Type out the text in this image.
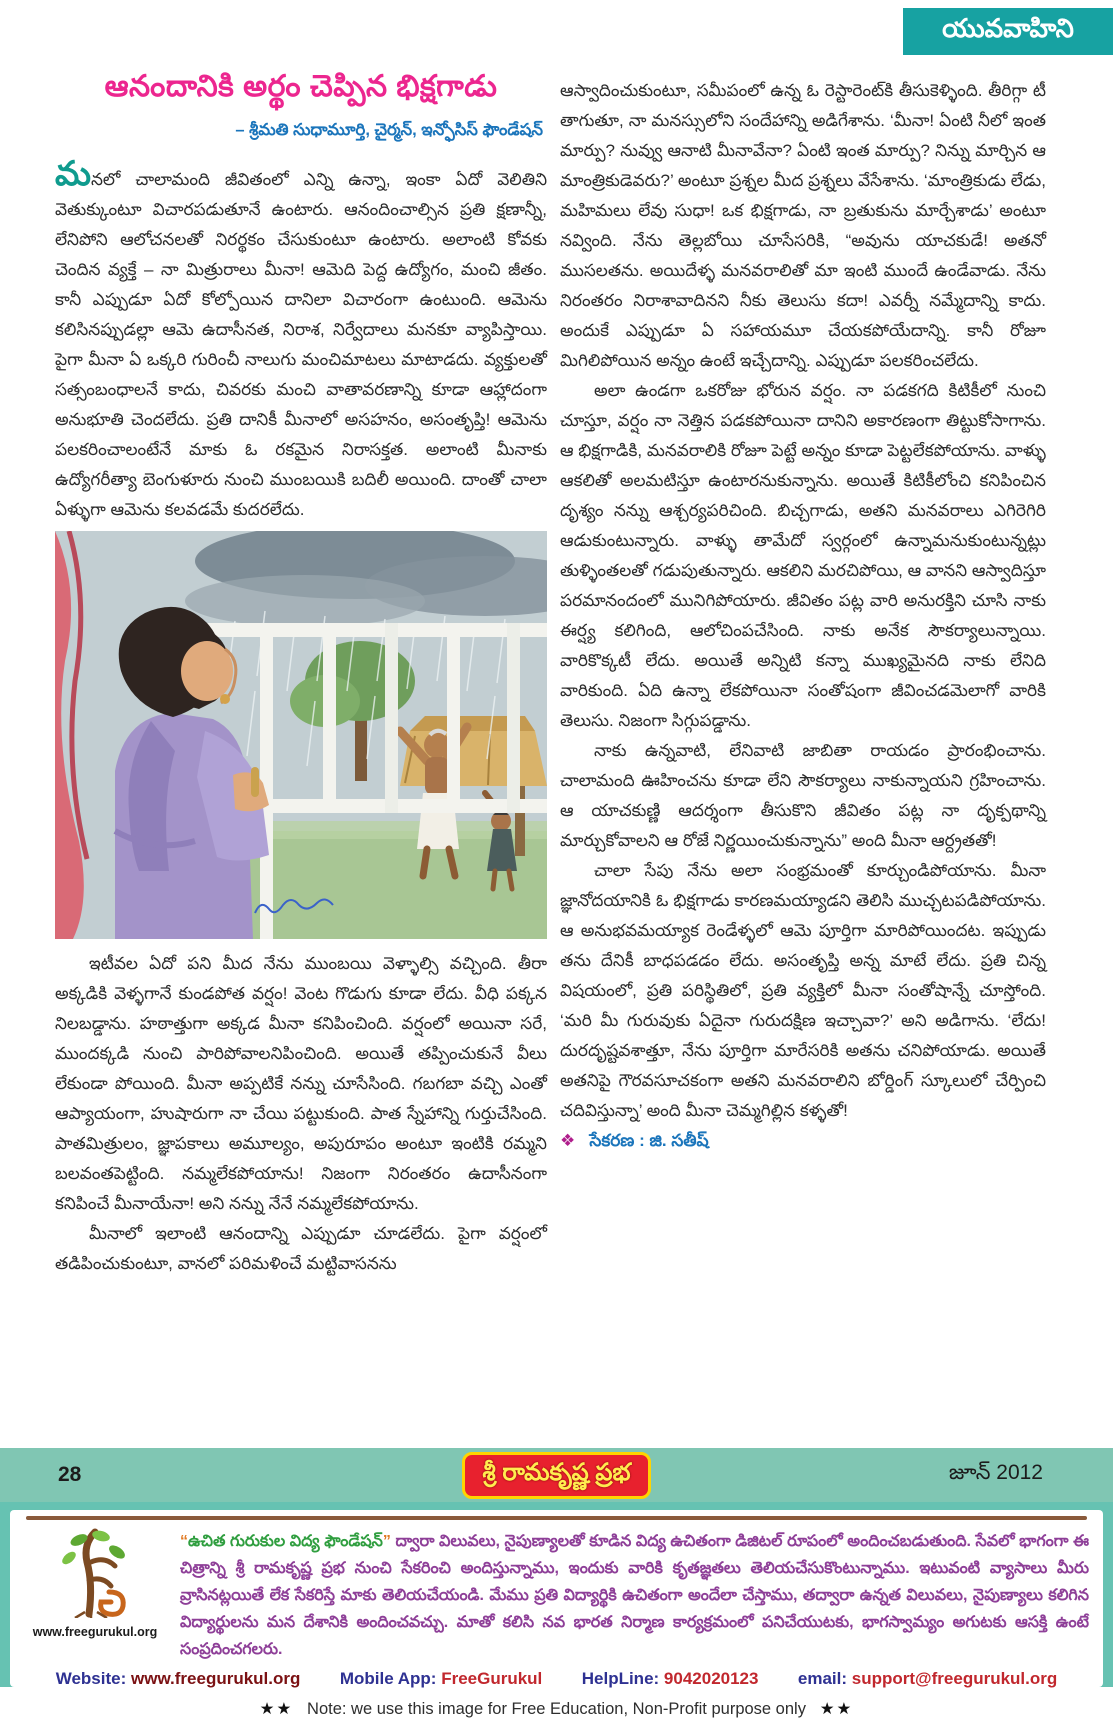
యువవాహిని
ఆనందానికి అర్థం చెప్పిన భిక్షగాడు
– శ్రీమతి సుధామూర్తి, చైర్మన్, ఇన్ఫోసిస్ ఫౌండేషన్

మనలో చాలామంది జీవితంలో ఎన్ని ఉన్నా, ఇంకా ఏదో వెలితిని వెతుక్కుంటూ విచారపడుతూనే ఉంటారు. ఆనందించాల్సిన ప్రతి క్షణాన్నీ, లేనిపోని ఆలోచనలతో నిరర్థకం చేసుకుంటూ ఉంటారు. అలాంటి కోవకు చెందిన వ్యక్తే – నా మిత్రురాలు మీనా! ఆమెది పెద్ద ఉద్యోగం, మంచి జీతం. కానీ ఎప్పుడూ ఏదో కోల్పోయిన దానిలా విచారంగా ఉంటుంది. ఆమెను కలిసినప్పుడల్లా ఆమె ఉదాసీనత, నిరాశ, నిర్వేదాలు మనకూ వ్యాపిస్తాయి. పైగా మీనా ఏ ఒక్కరి గురించీ నాలుగు మంచిమాటలు మాటాడదు. వ్యక్తులతో సత్సంబంధాలనే కాదు, చివరకు మంచి వాతావరణాన్ని కూడా ఆహ్లాదంగా అనుభూతి చెందలేదు. ప్రతి దానికీ మీనాలో అసహనం, అసంతృప్తి! ఆమెను పలకరించాలంటేనే మాకు ఓ రకమైన నిరాసక్తత. అలాంటి మీనాకు ఉద్యోగరీత్యా బెంగుళూరు నుంచి ముంబయికి బదిలీ అయింది. దాంతో చాలా ఏళ్ళుగా ఆమెను కలవడమే కుదరలేదు.

ఇటీవల ఏదో పని మీద నేను ముంబయి వెళ్ళాల్సి వచ్చింది. తీరా అక్కడికి వెళ్ళగానే కుండపోత వర్షం! వెంట గొడుగు కూడా లేదు. వీధి పక్కన నిలబడ్డాను. హఠాత్తుగా అక్కడ మీనా కనిపించింది. వర్షంలో అయినా సరే, ముందక్కడి నుంచి పారిపోవాలనిపించింది. అయితే తప్పించుకునే వీలు లేకుండా పోయింది. మీనా అప్పటికే నన్ను చూసేసింది. గబగబా వచ్చి ఎంతో ఆప్యాయంగా, హుషారుగా నా చేయి పట్టుకుంది. పాత స్నేహాన్ని గుర్తుచేసింది. పాతమిత్రులం, జ్ఞాపకాలు అమూల్యం, అపురూపం అంటూ ఇంటికి రమ్మని బలవంతపెట్టింది. నమ్మలేకపోయాను! నిజంగా నిరంతరం ఉదాసీనంగా కనిపించే మీనాయేనా! అని నన్ను నేనే నమ్మలేకపోయాను.

మీనాలో ఇలాంటి ఆనందాన్ని ఎప్పుడూ చూడలేదు. పైగా వర్షంలో తడిపించుకుంటూ, వానలో పరిమళించే మట్టివాసనను

ఆస్వాదించుకుంటూ, సమీపంలో ఉన్న ఓ రెస్టారెంట్‌కి తీసుకెళ్ళింది. తీరిగ్గా టీ తాగుతూ, నా మనస్సులోని సందేహాన్ని అడిగేశాను. ‘మీనా! ఏంటి నీలో ఇంత మార్పు? నువ్వు ఆనాటి మీనావేనా? ఏంటి ఇంత మార్పు? నిన్ను మార్చిన ఆ మాంత్రికుడెవరు?’ అంటూ ప్రశ్నల మీద ప్రశ్నలు వేసేశాను. ‘మాంత్రికుడు లేడు, మహిమలు లేవు సుధా! ఒక భిక్షగాడు, నా బ్రతుకును మార్చేశాడు’ అంటూ నవ్వింది. నేను తెల్లబోయి చూసేసరికి, “అవును యాచకుడే! అతనో ముసలతను. అయిదేళ్ళ మనవరాలితో మా ఇంటి ముందే ఉండేవాడు. నేను నిరంతరం నిరాశావాదినని నీకు తెలుసు కదా! ఎవర్నీ నమ్మేదాన్ని కాదు. అందుకే ఎప్పుడూ ఏ సహాయమూ చేయకపోయేదాన్ని. కానీ రోజూ మిగిలిపోయిన అన్నం ఉంటే ఇచ్చేదాన్ని. ఎప్పుడూ పలకరించలేదు.

అలా ఉండగా ఒకరోజు భోరున వర్షం. నా పడకగది కిటికీలో నుంచి చూస్తూ, వర్షం నా నెత్తిన పడకపోయినా దానిని అకారణంగా తిట్టుకోసాగాను. ఆ భిక్షగాడికి, మనవరాలికి రోజూ పెట్టే అన్నం కూడా పెట్టలేకపోయాను. వాళ్ళు ఆకలితో అలమటిస్తూ ఉంటారనుకున్నాను. అయితే కిటికీలోంచి కనిపించిన దృశ్యం నన్ను ఆశ్చర్యపరిచింది. బిచ్చగాడు, అతని మనవరాలు ఎగిరెగిరి ఆడుకుంటున్నారు. వాళ్ళు తామేదో స్వర్గంలో ఉన్నామనుకుంటున్నట్లు తుళ్ళింతలతో గడుపుతున్నారు. ఆకలిని మరచిపోయి, ఆ వానని ఆస్వాదిస్తూ పరమానందంలో మునిగిపోయారు. జీవితం పట్ల వారి అనురక్తిని చూసి నాకు ఈర్ష్య కలిగింది, ఆలోచింపచేసింది. నాకు అనేక సౌకర్యాలున్నాయి. వారికొక్కటీ లేదు. అయితే అన్నిటి కన్నా ముఖ్యమైనది నాకు లేనిది వారికుంది. ఏది ఉన్నా లేకపోయినా సంతోషంగా జీవించడమెలాగో వారికి తెలుసు. నిజంగా సిగ్గుపడ్డాను.

నాకు ఉన్నవాటి, లేనివాటి జాబితా రాయడం ప్రారంభించాను. చాలామంది ఊహించను కూడా లేని సౌకర్యాలు నాకున్నాయని గ్రహించాను. ఆ యాచకుణ్ణి ఆదర్శంగా తీసుకొని జీవితం పట్ల నా దృక్పథాన్ని మార్చుకోవాలని ఆ రోజే నిర్ణయించుకున్నాను” అంది మీనా ఆర్ద్రతతో!

చాలా సేపు నేను అలా సంభ్రమంతో కూర్చుండిపోయాను. మీనా జ్ఞానోదయానికి ఓ భిక్షగాడు కారణమయ్యాడని తెలిసి ముచ్చటపడిపోయాను. ఆ అనుభవమయ్యాక రెండేళ్ళలో ఆమె పూర్తిగా మారిపోయిందట. ఇప్పుడు తను దేనికీ బాధపడడం లేదు. అసంతృప్తి అన్న మాటే లేదు. ప్రతి చిన్న విషయంలో, ప్రతి పరిస్థితిలో, ప్రతి వ్యక్తిలో మీనా సంతోషాన్నే చూస్తోంది. ‘మరి మీ గురువుకు ఏదైనా గురుదక్షిణ ఇచ్చావా?’ అని అడిగాను. ‘లేదు! దురదృష్టవశాత్తూ, నేను పూర్తిగా మారేసరికి అతను చనిపోయాడు. అయితే అతనిపై గౌరవసూచకంగా అతని మనవరాలిని బోర్డింగ్ స్కూలులో చేర్పించి చదివిస్తున్నా’ అంది మీనా చెమ్మగిల్లిన కళ్ళతో!

❖ సేకరణ : జి. సతీష్

28	శ్రీ రామకృష్ణ ప్రభ	జూన్ 2012
www.freegurukul.org
“ఉచిత గురుకుల విద్య ఫౌండేషన్” ద్వారా విలువలు, నైపుణ్యాలతో కూడిన విద్య ఉచితంగా డిజిటల్ రూపంలో అందించబడుతుంది. సేవలో భాగంగా ఈ చిత్రాన్ని శ్రీ రామకృష్ణ ప్రభ నుంచి సేకరించి అందిస్తున్నాము, ఇందుకు వారికి కృతజ్ఞతలు తెలియచేసుకొంటున్నాము. ఇటువంటి వ్యాసాలు మీరు వ్రాసినట్లయితే లేక సేకరిస్తే మాకు తెలియచేయండి. మేము ప్రతి విద్యార్థికి ఉచితంగా అందేలా చేస్తాము, తద్వారా ఉన్నత విలువలు, నైపుణ్యాలు కలిగిన విద్యార్థులను మన దేశానికి అందించవచ్చు. మాతో కలిసి నవ భారత నిర్మాణ కార్యక్రమంలో పనిచేయుటకు, భాగస్వామ్యం అగుటకు ఆసక్తి ఉంటే సంప్రదించగలరు.
Website: www.freegurukul.org Mobile App: FreeGurukul HelpLine: 9042020123 email: support@freegurukul.org
★★ Note: we use this image for Free Education, Non-Profit purpose only ★★
